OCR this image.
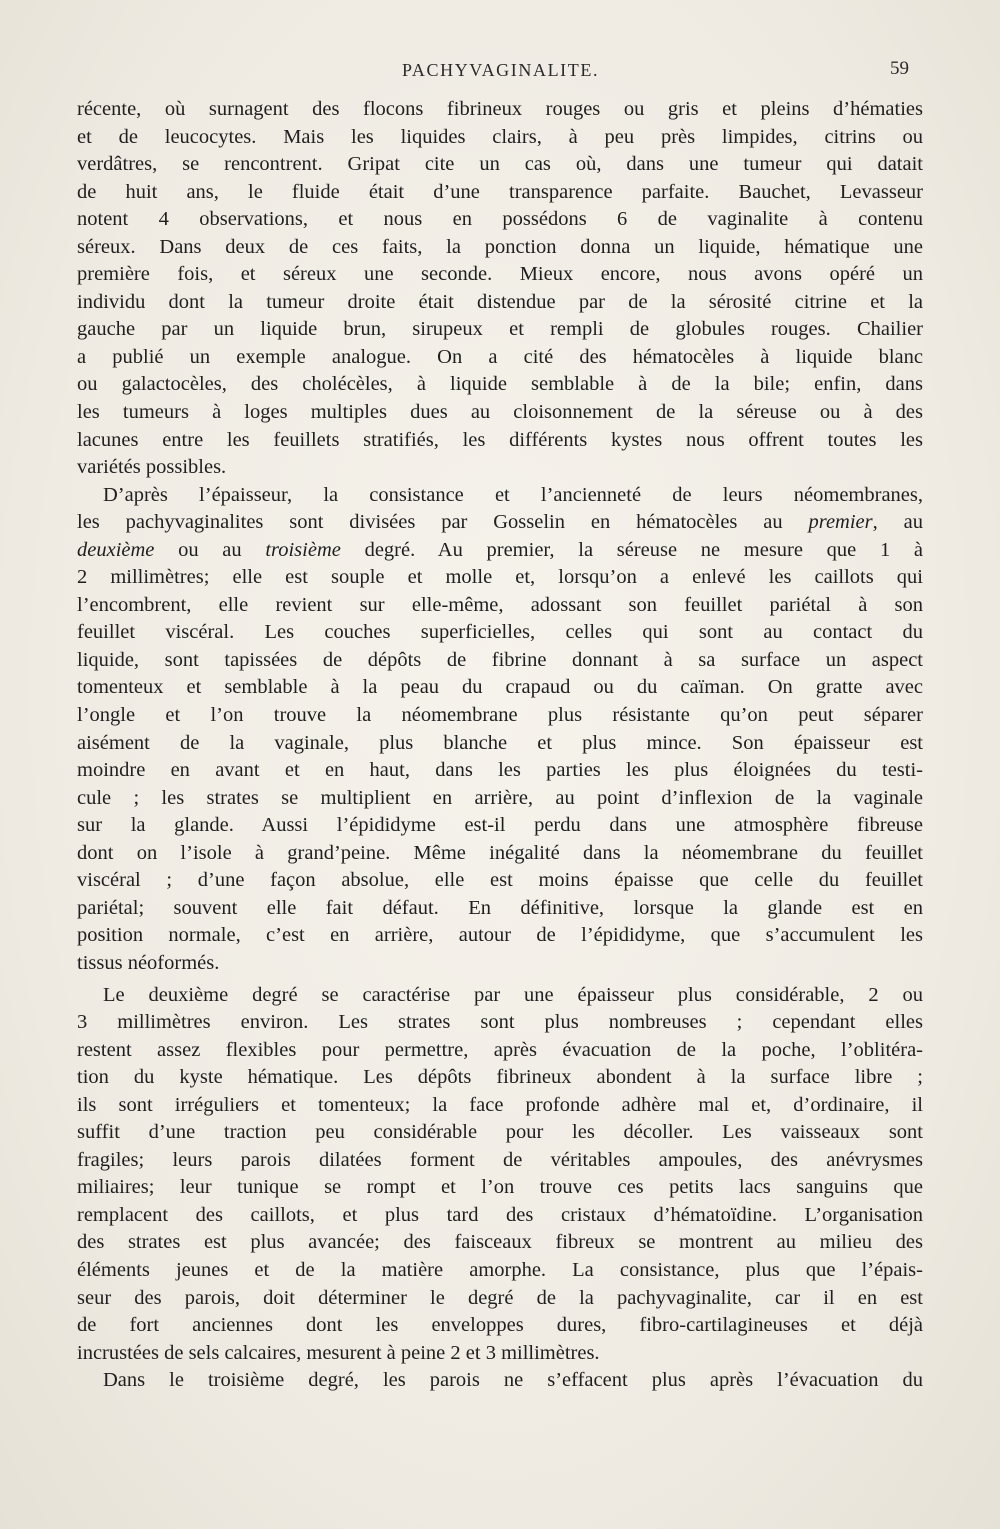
PACHYVAGINALITE.	59
récente, où surnagent des flocons fibrineux rouges ou gris et pleins d’hématies
et de leucocytes. Mais les liquides clairs, à peu près limpides, citrins ou
verdâtres, se rencontrent. Gripat cite un cas où, dans une tumeur qui datait
de huit ans, le fluide était d’une transparence parfaite. Bauchet, Levasseur
notent 4 observations, et nous en possédons 6 de vaginalite à contenu
séreux. Dans deux de ces faits, la ponction donna un liquide, hématique une
première fois, et séreux une seconde. Mieux encore, nous avons opéré un
individu dont la tumeur droite était distendue par de la sérosité citrine et la
gauche par un liquide brun, sirupeux et rempli de globules rouges. Chailier
a publié un exemple analogue. On a cité des hématocèles à liquide blanc
ou galactocèles, des cholécèles, à liquide semblable à de la bile; enfin, dans
les tumeurs à loges multiples dues au cloisonnement de la séreuse ou à des
lacunes entre les feuillets stratifiés, les différents kystes nous offrent toutes les
variétés possibles.
D’après l’épaisseur, la consistance et l’ancienneté de leurs néomembranes,
les pachyvaginalites sont divisées par Gosselin en hématocèles au premier, au
deuxième ou au troisième degré. Au premier, la séreuse ne mesure que 1 à
2 millimètres; elle est souple et molle et, lorsqu’on a enlevé les caillots qui
l’encombrent, elle revient sur elle-même, adossant son feuillet pariétal à son
feuillet viscéral. Les couches superficielles, celles qui sont au contact du
liquide, sont tapissées de dépôts de fibrine donnant à sa surface un aspect
tomenteux et semblable à la peau du crapaud ou du caïman. On gratte avec
l’ongle et l’on trouve la néomembrane plus résistante qu’on peut séparer
aisément de la vaginale, plus blanche et plus mince. Son épaisseur est
moindre en avant et en haut, dans les parties les plus éloignées du testi-
cule ; les strates se multiplient en arrière, au point d’inflexion de la vaginale
sur la glande. Aussi l’épididyme est-il perdu dans une atmosphère fibreuse
dont on l’isole à grand’peine. Même inégalité dans la néomembrane du feuillet
viscéral ; d’une façon absolue, elle est moins épaisse que celle du feuillet
pariétal; souvent elle fait défaut. En définitive, lorsque la glande est en
position normale, c’est en arrière, autour de l’épididyme, que s’accumulent les
tissus néoformés.
Le deuxième degré se caractérise par une épaisseur plus considérable, 2 ou
3 millimètres environ. Les strates sont plus nombreuses ; cependant elles
restent assez flexibles pour permettre, après évacuation de la poche, l’oblitéra-
tion du kyste hématique. Les dépôts fibrineux abondent à la surface libre ;
ils sont irréguliers et tomenteux; la face profonde adhère mal et, d’ordinaire, il
suffit d’une traction peu considérable pour les décoller. Les vaisseaux sont
fragiles; leurs parois dilatées forment de véritables ampoules, des anévrysmes
miliaires; leur tunique se rompt et l’on trouve ces petits lacs sanguins que
remplacent des caillots, et plus tard des cristaux d’hématoïdine. L’organisation
des strates est plus avancée; des faisceaux fibreux se montrent au milieu des
éléments jeunes et de la matière amorphe. La consistance, plus que l’épais-
seur des parois, doit déterminer le degré de la pachyvaginalite, car il en est
de fort anciennes dont les enveloppes dures, fibro-cartilagineuses et déjà
incrustées de sels calcaires, mesurent à peine 2 et 3 millimètres.
Dans le troisième degré, les parois ne s’effacent plus après l’évacuation du
